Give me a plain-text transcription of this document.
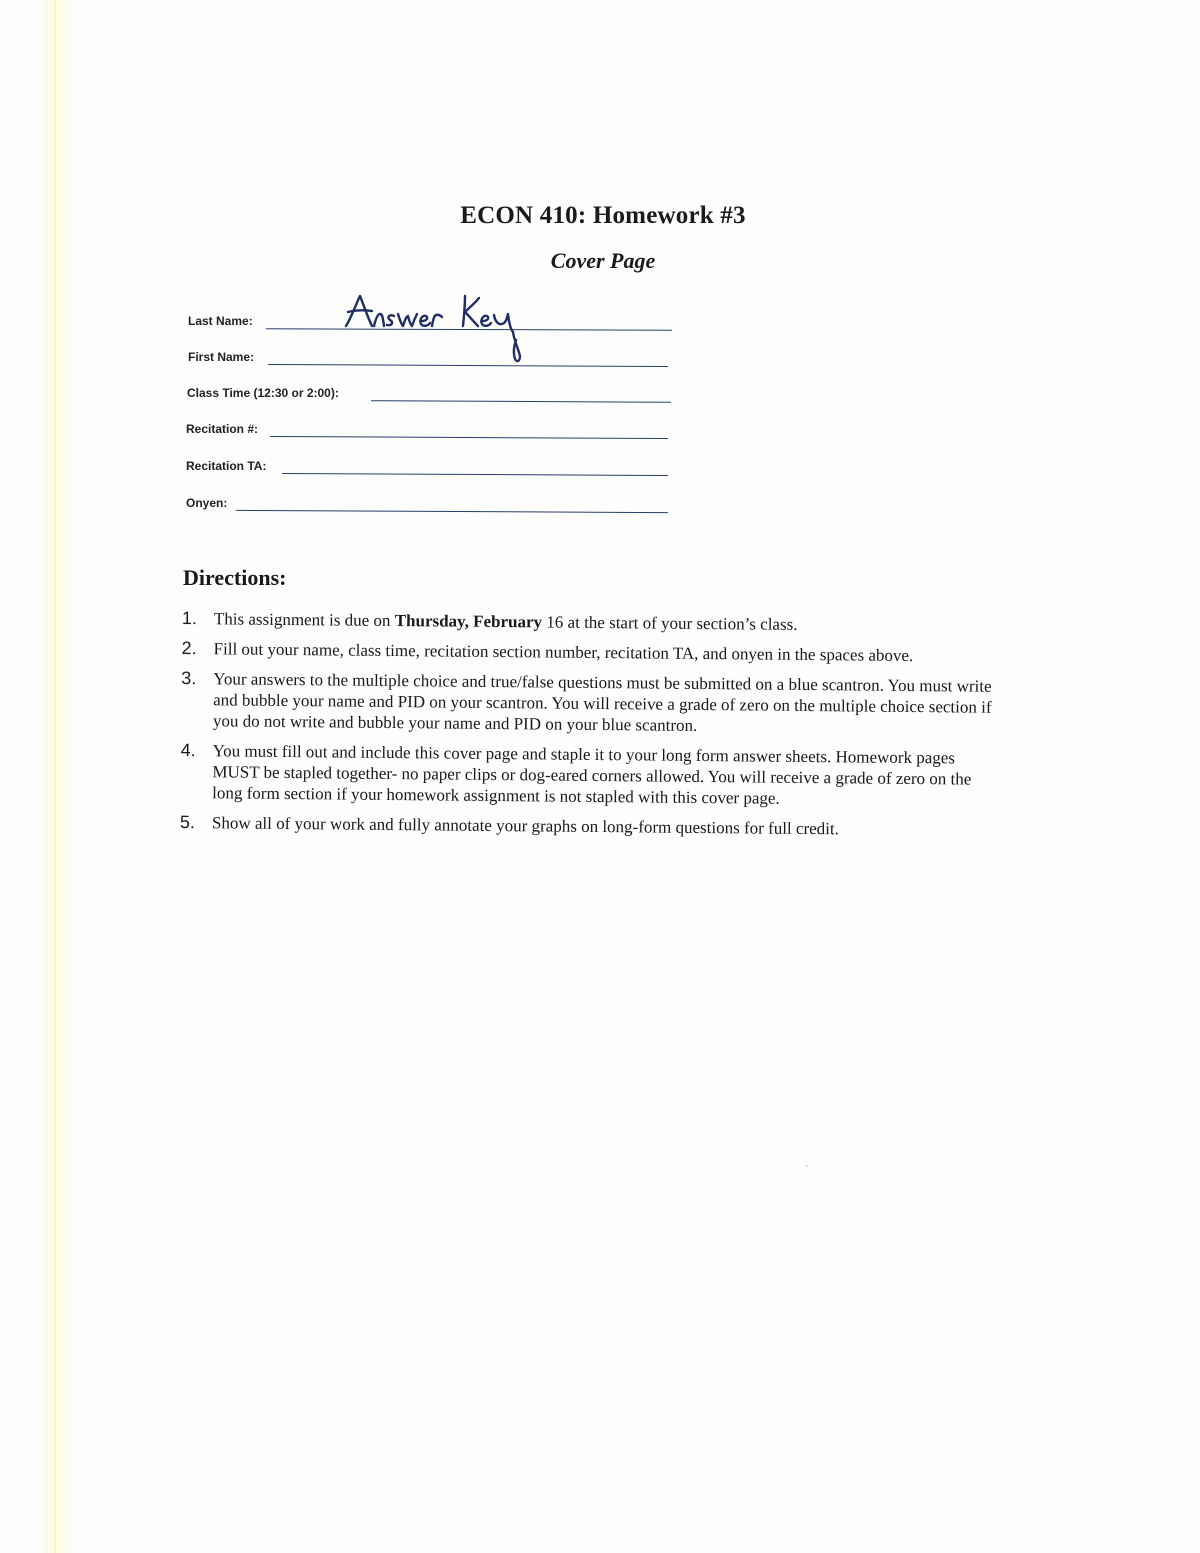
ECON 410: Homework #3
Cover Page
Last Name:
First Name:
Class Time (12:30 or 2:00):
Recitation #:
Recitation TA:
Onyen:
Directions:
1. This assignment is due on Thursday, February 16 at the start of your section’s class.
2. Fill out your name, class time, recitation section number, recitation TA, and onyen in the spaces above.
3. Your answers to the multiple choice and true/false questions must be submitted on a blue scantron. You must write and bubble your name and PID on your scantron. You will receive a grade of zero on the multiple choice section if you do not write and bubble your name and PID on your blue scantron.
4. You must fill out and include this cover page and staple it to your long form answer sheets. Homework pages MUST be stapled together- no paper clips or dog-eared corners allowed. You will receive a grade of zero on the long form section if your homework assignment is not stapled with this cover page.
5. Show all of your work and fully annotate your graphs on long-form questions for full credit.
